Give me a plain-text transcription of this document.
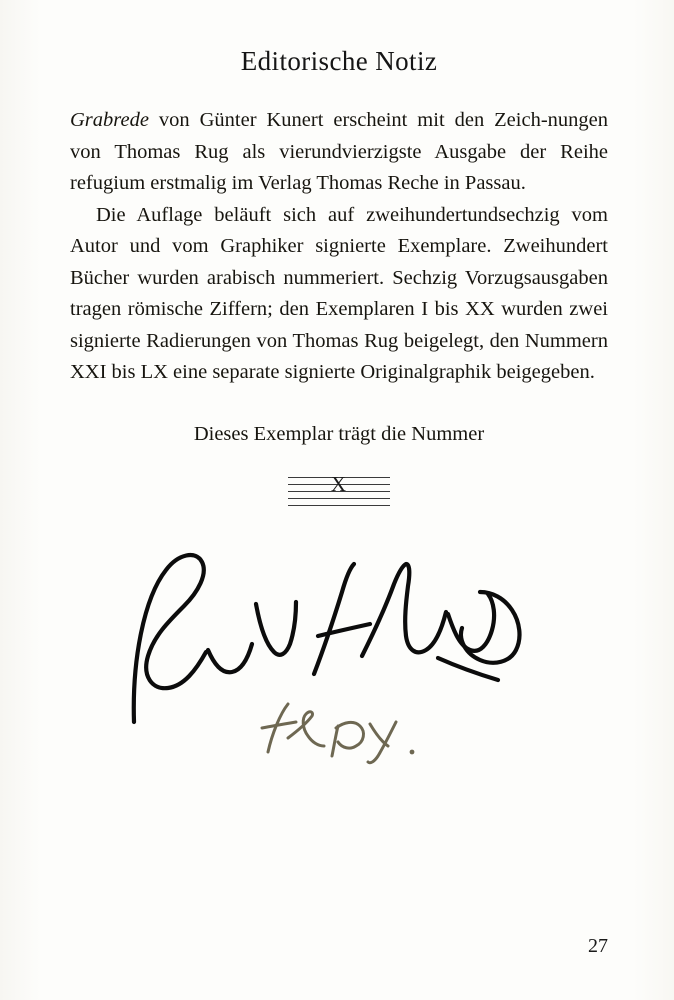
Editorische Notiz

Grabrede von Günter Kunert erscheint mit den Zeich-nungen von Thomas Rug als vierundvierzigste Ausgabe der Reihe refugium erstmalig im Verlag Thomas Reche in Passau.

Die Auflage beläuft sich auf zweihundertundsechzig vom Autor und vom Graphiker signierte Exemplare. Zweihundert Bücher wurden arabisch nummeriert. Sechzig Vorzugsausgaben tragen römische Ziffern; den Exemplaren I bis XX wurden zwei signierte Radierungen von Thomas Rug beigelegt, den Nummern XXI bis LX eine separate signierte Originalgraphik beigegeben.

Dieses Exemplar trägt die Nummer
X
27
